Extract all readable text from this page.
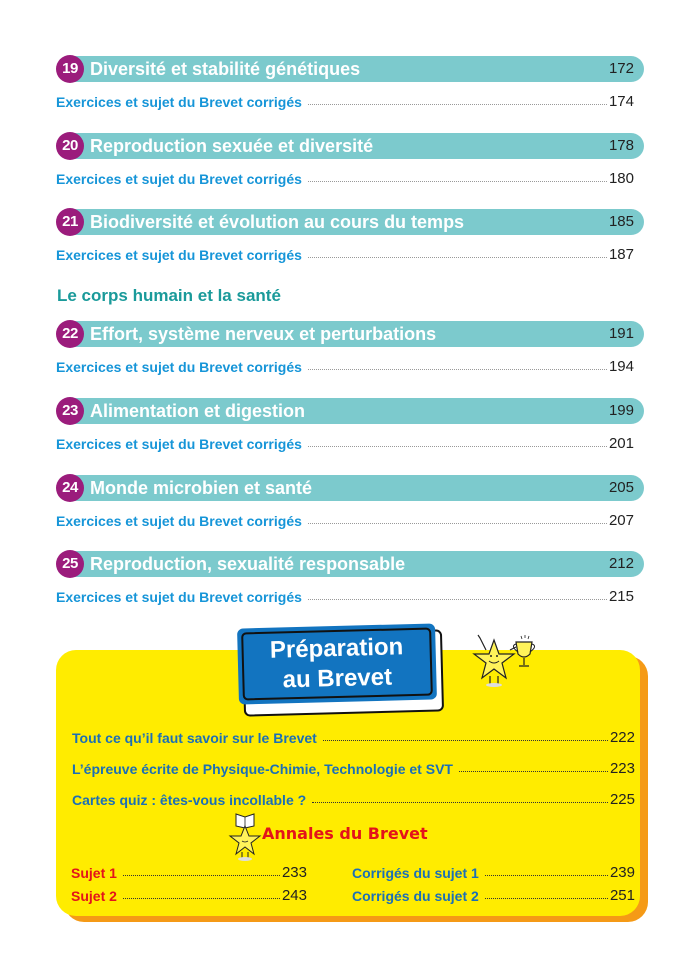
19 Diversité et stabilité génétiques	172
Exercices et sujet du Brevet corrigés	174
20 Reproduction sexuée et diversité	178
Exercices et sujet du Brevet corrigés	180
21 Biodiversité et évolution au cours du temps	185
Exercices et sujet du Brevet corrigés	187
Le corps humain et la santé
22 Effort, système nerveux et perturbations	191
Exercices et sujet du Brevet corrigés	194
23 Alimentation et digestion	199
Exercices et sujet du Brevet corrigés	201
24 Monde microbien et santé	205
Exercices et sujet du Brevet corrigés	207
25 Reproduction, sexualité responsable	212
Exercices et sujet du Brevet corrigés	215
Préparation
au Brevet
Tout ce qu’il faut savoir sur le Brevet	222
L’épreuve écrite de Physique-Chimie, Technologie et SVT	223
Cartes quiz : êtes-vous incollable ?	225
Annales du Brevet
Sujet 1	233
Sujet 2	243
Corrigés du sujet 1	239
Corrigés du sujet 2	251
